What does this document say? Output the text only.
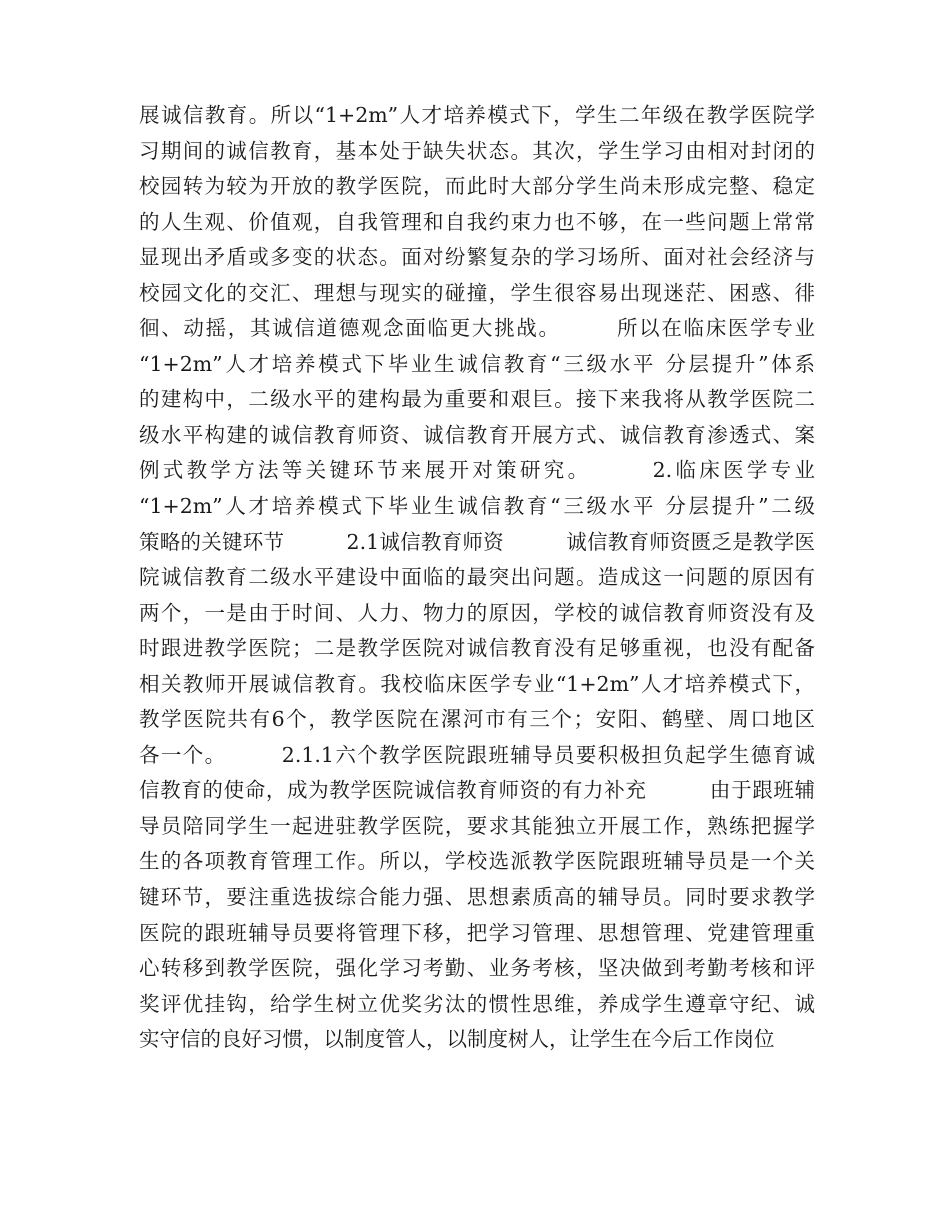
展诚信教育。所以“1+2m”人才培养模式下，学生二年级在教学医院学
习期间的诚信教育，基本处于缺失状态。其次，学生学习由相对封闭的
校园转为较为开放的教学医院，而此时大部分学生尚未形成完整、稳定
的人生观、价值观，自我管理和自我约束力也不够，在一些问题上常常
显现出矛盾或多变的状态。面对纷繁复杂的学习场所、面对社会经济与
校园文化的交汇、理想与现实的碰撞，学生很容易出现迷茫、困惑、徘
徊、动摇，其诚信道德观念面临更大挑战。　　　所以在临床医学专业
“1+2m”人才培养模式下毕业生诚信教育“三级水平 分层提升”体系
的建构中，二级水平的建构最为重要和艰巨。接下来我将从教学医院二
级水平构建的诚信教育师资、诚信教育开展方式、诚信教育渗透式、案
例式教学方法等关键环节来展开对策研究。　　　2.临床医学专业
“1+2m”人才培养模式下毕业生诚信教育“三级水平 分层提升”二级
策略的关键环节　　　2.1诚信教育师资　　　诚信教育师资匮乏是教学医
院诚信教育二级水平建设中面临的最突出问题。造成这一问题的原因有
两个，一是由于时间、人力、物力的原因，学校的诚信教育师资没有及
时跟进教学医院；二是教学医院对诚信教育没有足够重视，也没有配备
相关教师开展诚信教育。我校临床医学专业“1+2m”人才培养模式下，
教学医院共有6个，教学医院在漯河市有三个；安阳、鹤壁、周口地区
各一个。　　　2.1.1六个教学医院跟班辅导员要积极担负起学生德育诚
信教育的使命，成为教学医院诚信教育师资的有力补充　　　由于跟班辅
导员陪同学生一起进驻教学医院，要求其能独立开展工作，熟练把握学
生的各项教育管理工作。所以，学校选派教学医院跟班辅导员是一个关
键环节，要注重选拔综合能力强、思想素质高的辅导员。同时要求教学
医院的跟班辅导员要将管理下移，把学习管理、思想管理、党建管理重
心转移到教学医院，强化学习考勤、业务考核，坚决做到考勤考核和评
奖评优挂钩，给学生树立优奖劣汰的惯性思维，养成学生遵章守纪、诚
实守信的良好习惯，以制度管人，以制度树人，让学生在今后工作岗位
